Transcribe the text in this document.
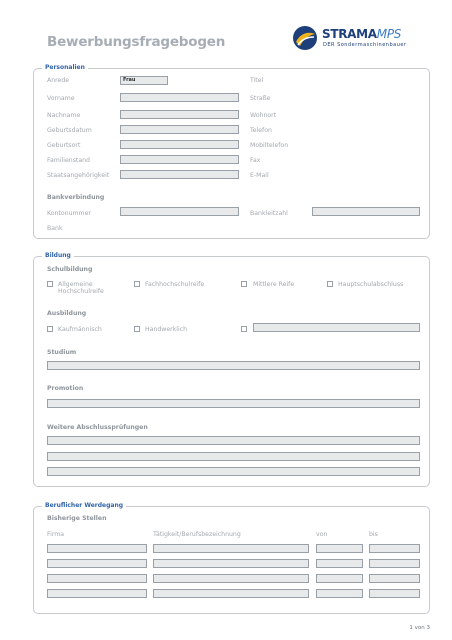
Bewerbungsfragebogen	STRAMAMPS
DER Sondermaschinenbauer
Personalien
Anrede	Frau	Titel
Vorname	Straße
Nachname	Wohnort
Geburtsdatum	Telefon
Geburtsort	Mobiltelefon
Familienstand	Fax
Staatsangehörigkeit	E-Mail
Bankverbindung
Kontonummer	Bankleitzahl
Bank
Bildung
Schulbildung
Allgemeine Hochschulreife
Fachhochschulreife	Mittlere Reife	Hauptschulabschluss
Ausbildung
Kaufmännisch	Handwerklich
Studium
Promotion
Weitere Abschlussprüfungen
Beruflicher Werdegang
Bisherige Stellen
Firma	Tätigkeit/Berufsbezeichnung	von	bis
1 von 3
